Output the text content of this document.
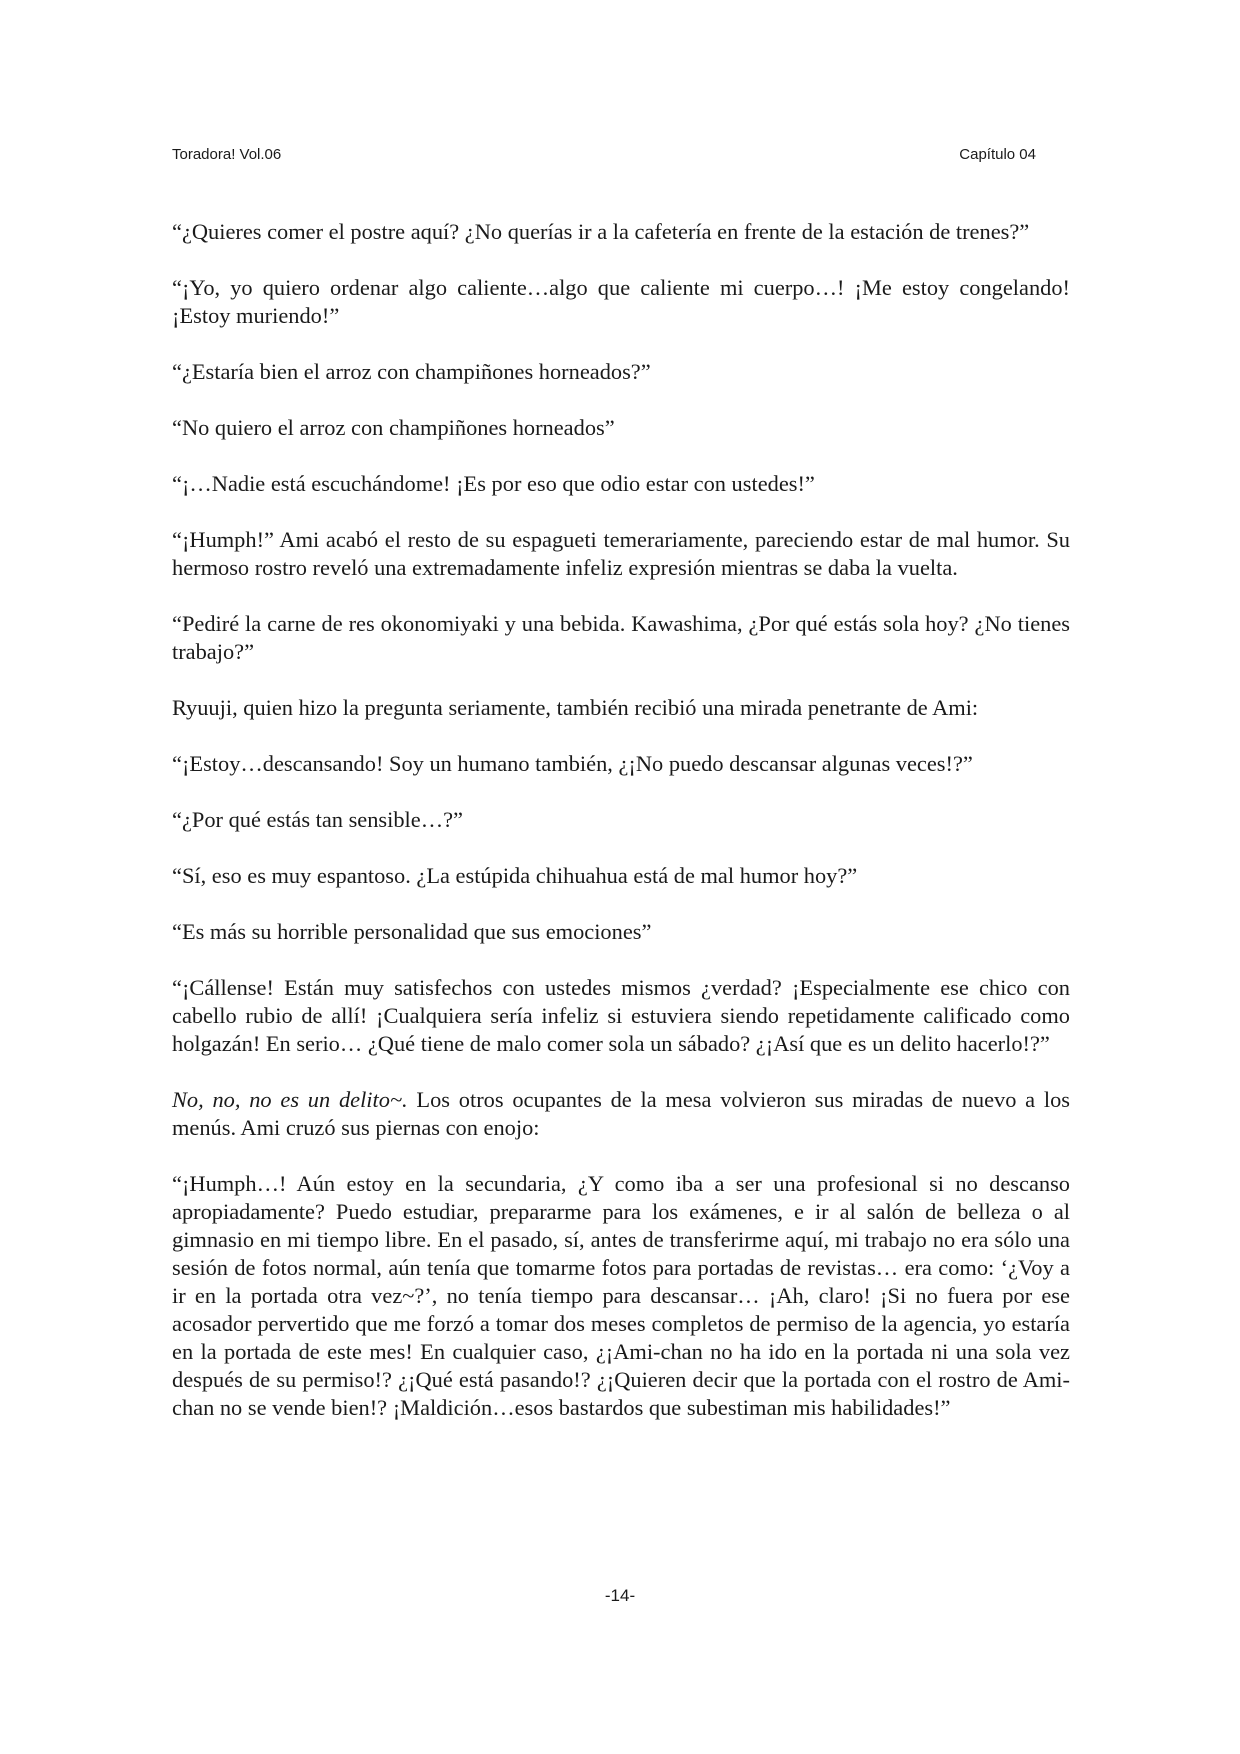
Toradora! Vol.06	Capítulo 04

“¿Quieres comer el postre aquí? ¿No querías ir a la cafetería en frente de la estación de trenes?”

“¡Yo, yo quiero ordenar algo caliente…algo que caliente mi cuerpo…! ¡Me estoy congelando! ¡Estoy muriendo!”

“¿Estaría bien el arroz con champiñones horneados?”

“No quiero el arroz con champiñones horneados”

“¡…Nadie está escuchándome! ¡Es por eso que odio estar con ustedes!”

“¡Humph!” Ami acabó el resto de su espagueti temerariamente, pareciendo estar de mal humor. Su hermoso rostro reveló una extremadamente infeliz expresión mientras se daba la vuelta.

“Pediré la carne de res okonomiyaki y una bebida. Kawashima, ¿Por qué estás sola hoy? ¿No tienes trabajo?”

Ryuuji, quien hizo la pregunta seriamente, también recibió una mirada penetrante de Ami:

“¡Estoy…descansando! Soy un humano también, ¿¡No puedo descansar algunas veces!?”

“¿Por qué estás tan sensible…?”

“Sí, eso es muy espantoso. ¿La estúpida chihuahua está de mal humor hoy?”

“Es más su horrible personalidad que sus emociones”

“¡Cállense! Están muy satisfechos con ustedes mismos ¿verdad? ¡Especialmente ese chico con cabello rubio de allí! ¡Cualquiera sería infeliz si estuviera siendo repetidamente calificado como holgazán! En serio… ¿Qué tiene de malo comer sola un sábado? ¿¡Así que es un delito hacerlo!?”

No, no, no es un delito~. Los otros ocupantes de la mesa volvieron sus miradas de nuevo a los menús. Ami cruzó sus piernas con enojo:

“¡Humph…! Aún estoy en la secundaria, ¿Y como iba a ser una profesional si no descanso apropiadamente? Puedo estudiar, prepararme para los exámenes, e ir al salón de belleza o al gimnasio en mi tiempo libre. En el pasado, sí, antes de transferirme aquí, mi trabajo no era sólo una sesión de fotos normal, aún tenía que tomarme fotos para portadas de revistas… era como: ‘¿Voy a ir en la portada otra vez~?’, no tenía tiempo para descansar… ¡Ah, claro! ¡Si no fuera por ese acosador pervertido que me forzó a tomar dos meses completos de permiso de la agencia, yo estaría en la portada de este mes! En cualquier caso, ¿¡Ami-chan no ha ido en la portada ni una sola vez después de su permiso!? ¿¡Qué está pasando!? ¿¡Quieren decir que la portada con el rostro de Ami-chan no se vende bien!? ¡Maldición…esos bastardos que subestiman mis habilidades!”

-14-
